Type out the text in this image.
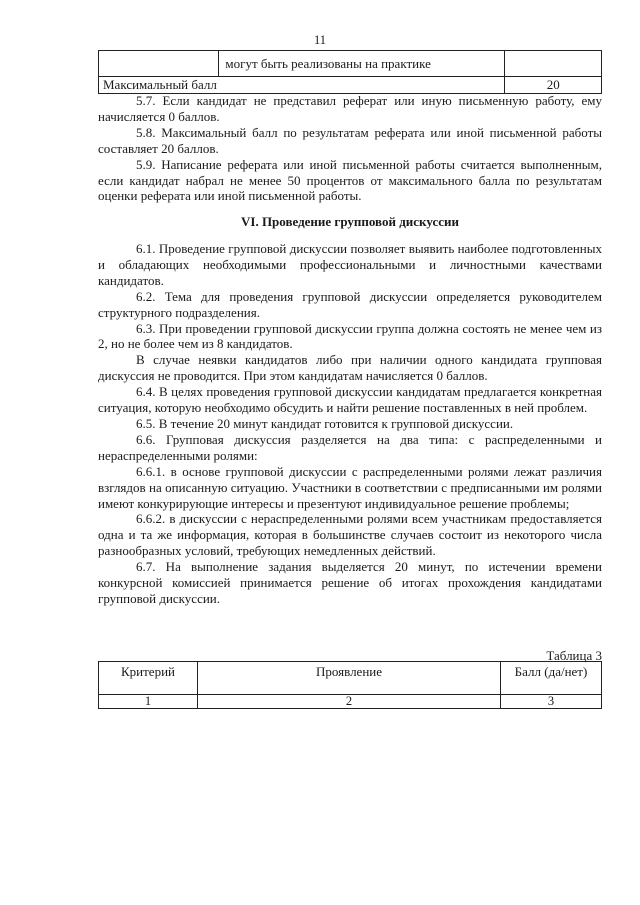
11
	могут быть реализованы на практике	
Максимальный балл		20

5.7. Если кандидат не представил реферат или иную письменную работу, ему начисляется 0 баллов.

5.8. Максимальный балл по результатам реферата или иной письменной работы составляет 20 баллов.

5.9. Написание реферата или иной письменной работы считается выполненным, если кандидат набрал не менее 50 процентов от максимального балла по результатам оценки реферата или иной письменной работы.

VI. Проведение групповой дискуссии

6.1. Проведение групповой дискуссии позволяет выявить наиболее подготовленных и обладающих необходимыми профессиональными и личностными качествами кандидатов.

6.2. Тема для проведения групповой дискуссии определяется руководителем структурного подразделения.

6.3. При проведении групповой дискуссии группа должна состоять не менее чем из 2, но не более чем из 8 кандидатов.

В случае неявки кандидатов либо при наличии одного кандидата групповая дискуссия не проводится. При этом кандидатам начисляется 0 баллов.

6.4. В целях проведения групповой дискуссии кандидатам предлагается конкретная ситуация, которую необходимо обсудить и найти решение поставленных в ней проблем.

6.5. В течение 20 минут кандидат готовится к групповой дискуссии.

6.6. Групповая дискуссия разделяется на два типа: с распределенными и нераспределенными ролями:

6.6.1. в основе групповой дискуссии с распределенными ролями лежат различия взглядов на описанную ситуацию. Участники в соответствии с предписанными им ролями имеют конкурирующие интересы и презентуют индивидуальное решение проблемы;

6.6.2. в дискуссии с нераспределенными ролями всем участникам предоставляется одна и та же информация, которая в большинстве случаев состоит из некоторого числа разнообразных условий, требующих немедленных действий.

6.7. На выполнение задания выделяется 20 минут, по истечении времени конкурсной комиссией принимается решение об итогах прохождения кандидатами групповой дискуссии.

Таблица 3
Критерий	Проявление	Балл (да/нет)
1	2	3
